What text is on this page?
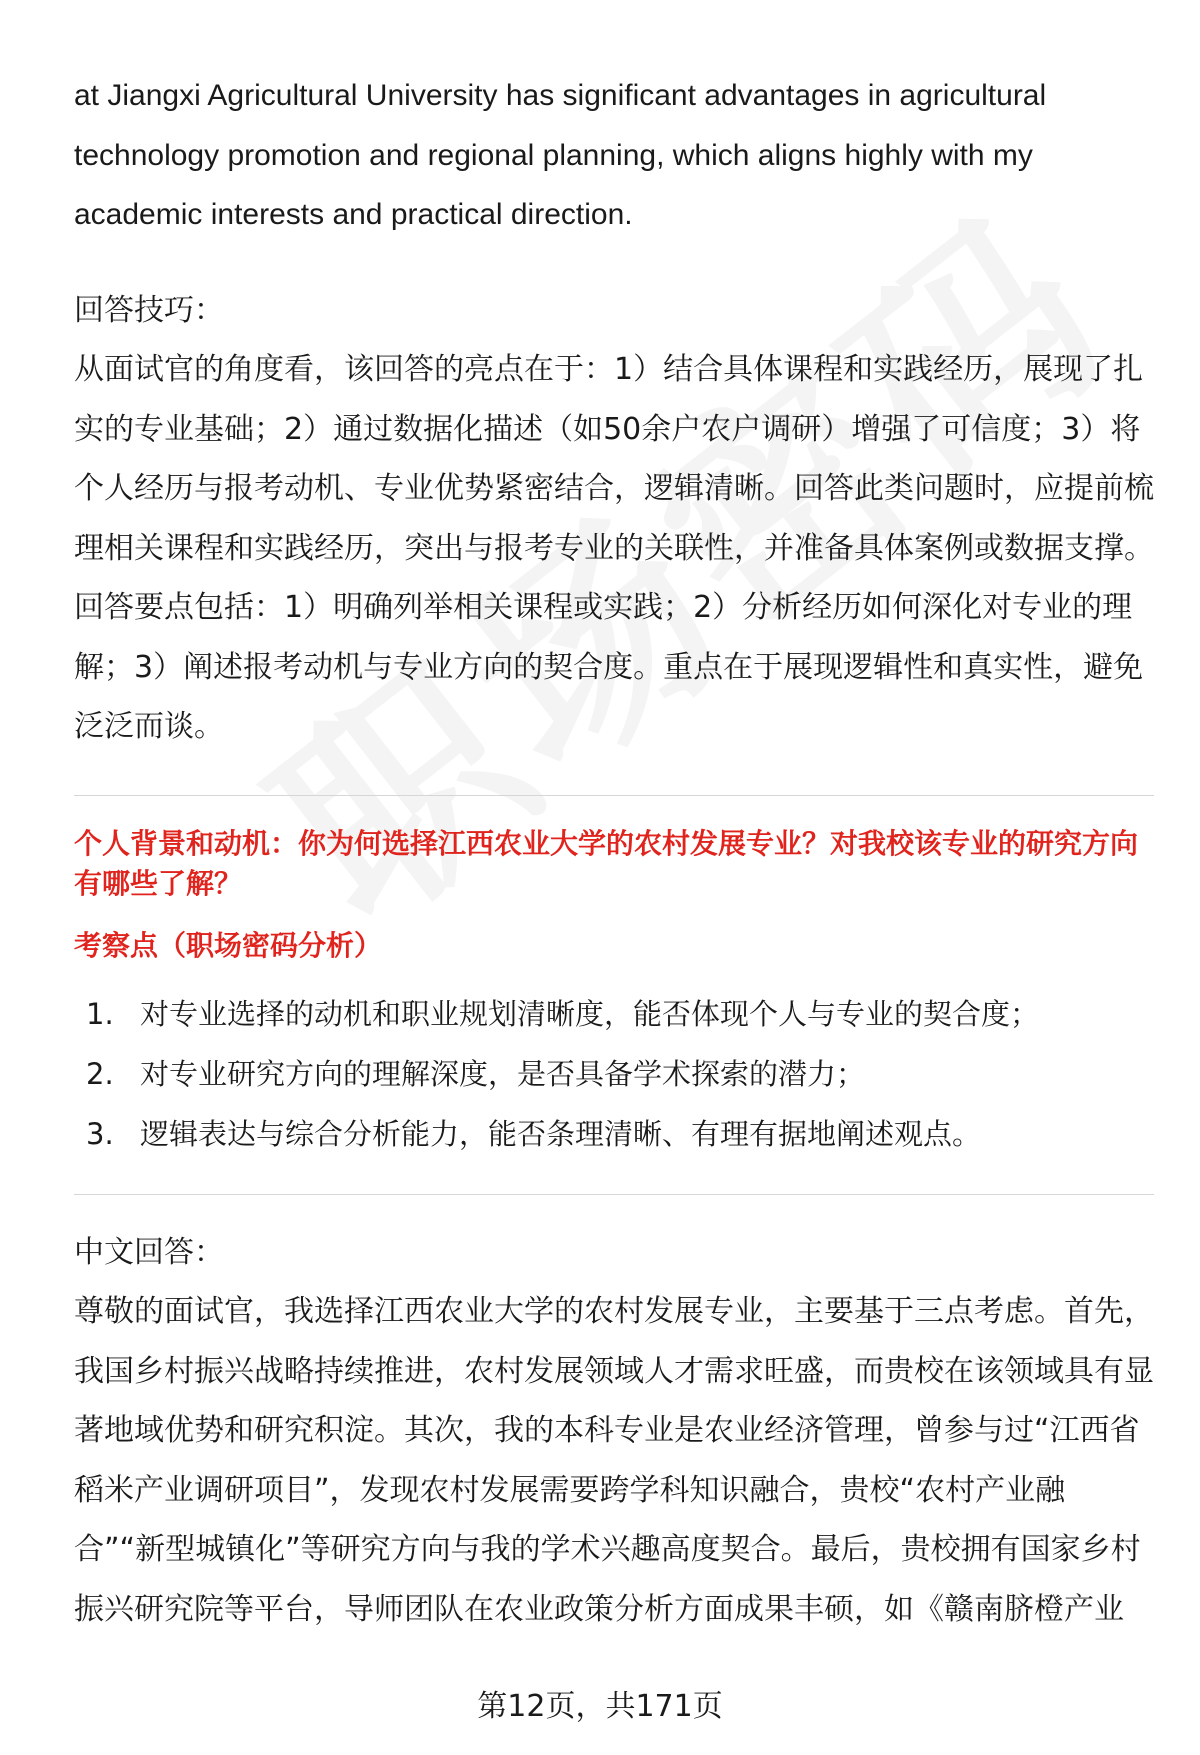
at Jiangxi Agricultural University has significant advantages in agricultural technology promotion and regional planning, which aligns highly with my academic interests and practical direction.

回答技巧：

从面试官的角度看，该回答的亮点在于：1）结合具体课程和实践经历，展现了扎实的专业基础；2）通过数据化描述（如50余户农户调研）增强了可信度；3）将个人经历与报考动机、专业优势紧密结合，逻辑清晰。回答此类问题时，应提前梳理相关课程和实践经历，突出与报考专业的关联性，并准备具体案例或数据支撑。回答要点包括：1）明确列举相关课程或实践；2）分析经历如何深化对专业的理解；3）阐述报考动机与专业方向的契合度。重点在于展现逻辑性和真实性，避免泛泛而谈。

个人背景和动机：你为何选择江西农业大学的农村发展专业？对我校该专业的研究方向有哪些了解？

考察点（职场密码分析）

1. 对专业选择的动机和职业规划清晰度，能否体现个人与专业的契合度；
2. 对专业研究方向的理解深度，是否具备学术探索的潜力；
3. 逻辑表达与综合分析能力，能否条理清晰、有理有据地阐述观点。

中文回答：

尊敬的面试官，我选择江西农业大学的农村发展专业，主要基于三点考虑。首先，我国乡村振兴战略持续推进，农村发展领域人才需求旺盛，而贵校在该领域具有显著地域优势和研究积淀。其次，我的本科专业是农业经济管理，曾参与过“江西省稻米产业调研项目”，发现农村发展需要跨学科知识融合，贵校“农村产业融合”“新型城镇化”等研究方向与我的学术兴趣高度契合。最后，贵校拥有国家乡村振兴研究院等平台，导师团队在农业政策分析方面成果丰硕，如《赣南脐橙产业

第12页，共171页
